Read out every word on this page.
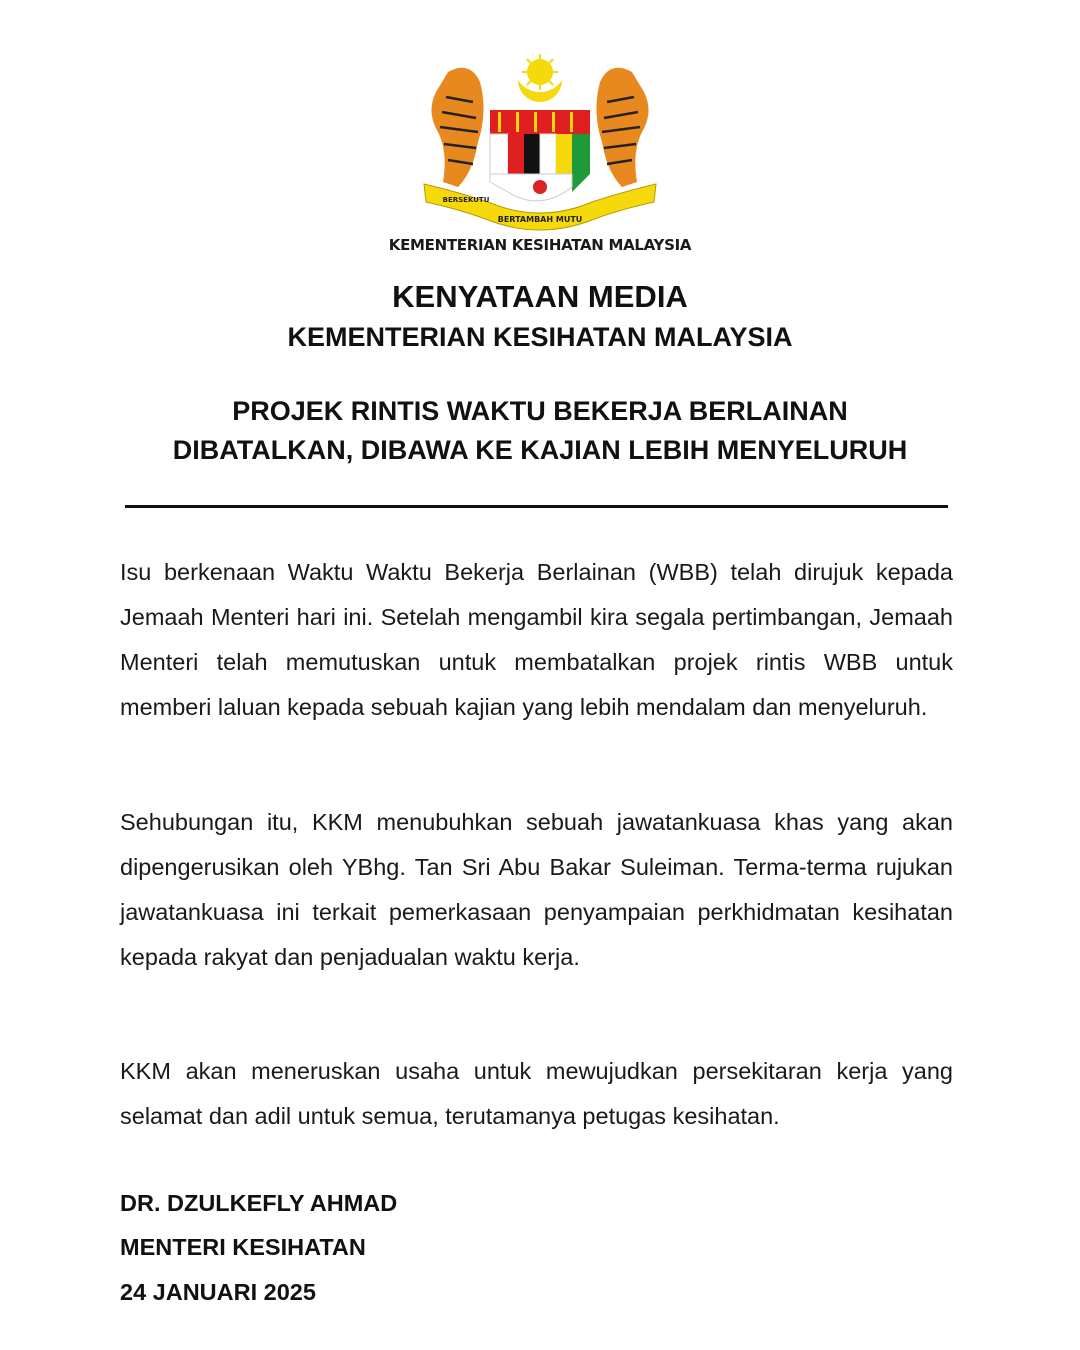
BERTAMBAH MUTU
BERSEKUTU
KEMENTERIAN KESIHATAN MALAYSIA
KENYATAAN MEDIA
KEMENTERIAN KESIHATAN MALAYSIA
PROJEK RINTIS WAKTU BEKERJA BERLAINAN
DIBATALKAN, DIBAWA KE KAJIAN LEBIH MENYELURUH
Isu berkenaan Waktu Waktu Bekerja Berlainan (WBB) telah dirujuk kepada Jemaah Menteri hari ini. Setelah mengambil kira segala pertimbangan, Jemaah Menteri telah memutuskan untuk membatalkan projek rintis WBB untuk memberi laluan kepada sebuah kajian yang lebih mendalam dan menyeluruh.
Sehubungan itu, KKM menubuhkan sebuah jawatankuasa khas yang akan dipengerusikan oleh YBhg. Tan Sri Abu Bakar Suleiman. Terma-terma rujukan jawatankuasa ini terkait pemerkasaan penyampaian perkhidmatan kesihatan kepada rakyat dan penjadualan waktu kerja.
KKM akan meneruskan usaha untuk mewujudkan persekitaran kerja yang selamat dan adil untuk semua, terutamanya petugas kesihatan.
DR. DZULKEFLY AHMAD
MENTERI KESIHATAN
24 JANUARI 2025
